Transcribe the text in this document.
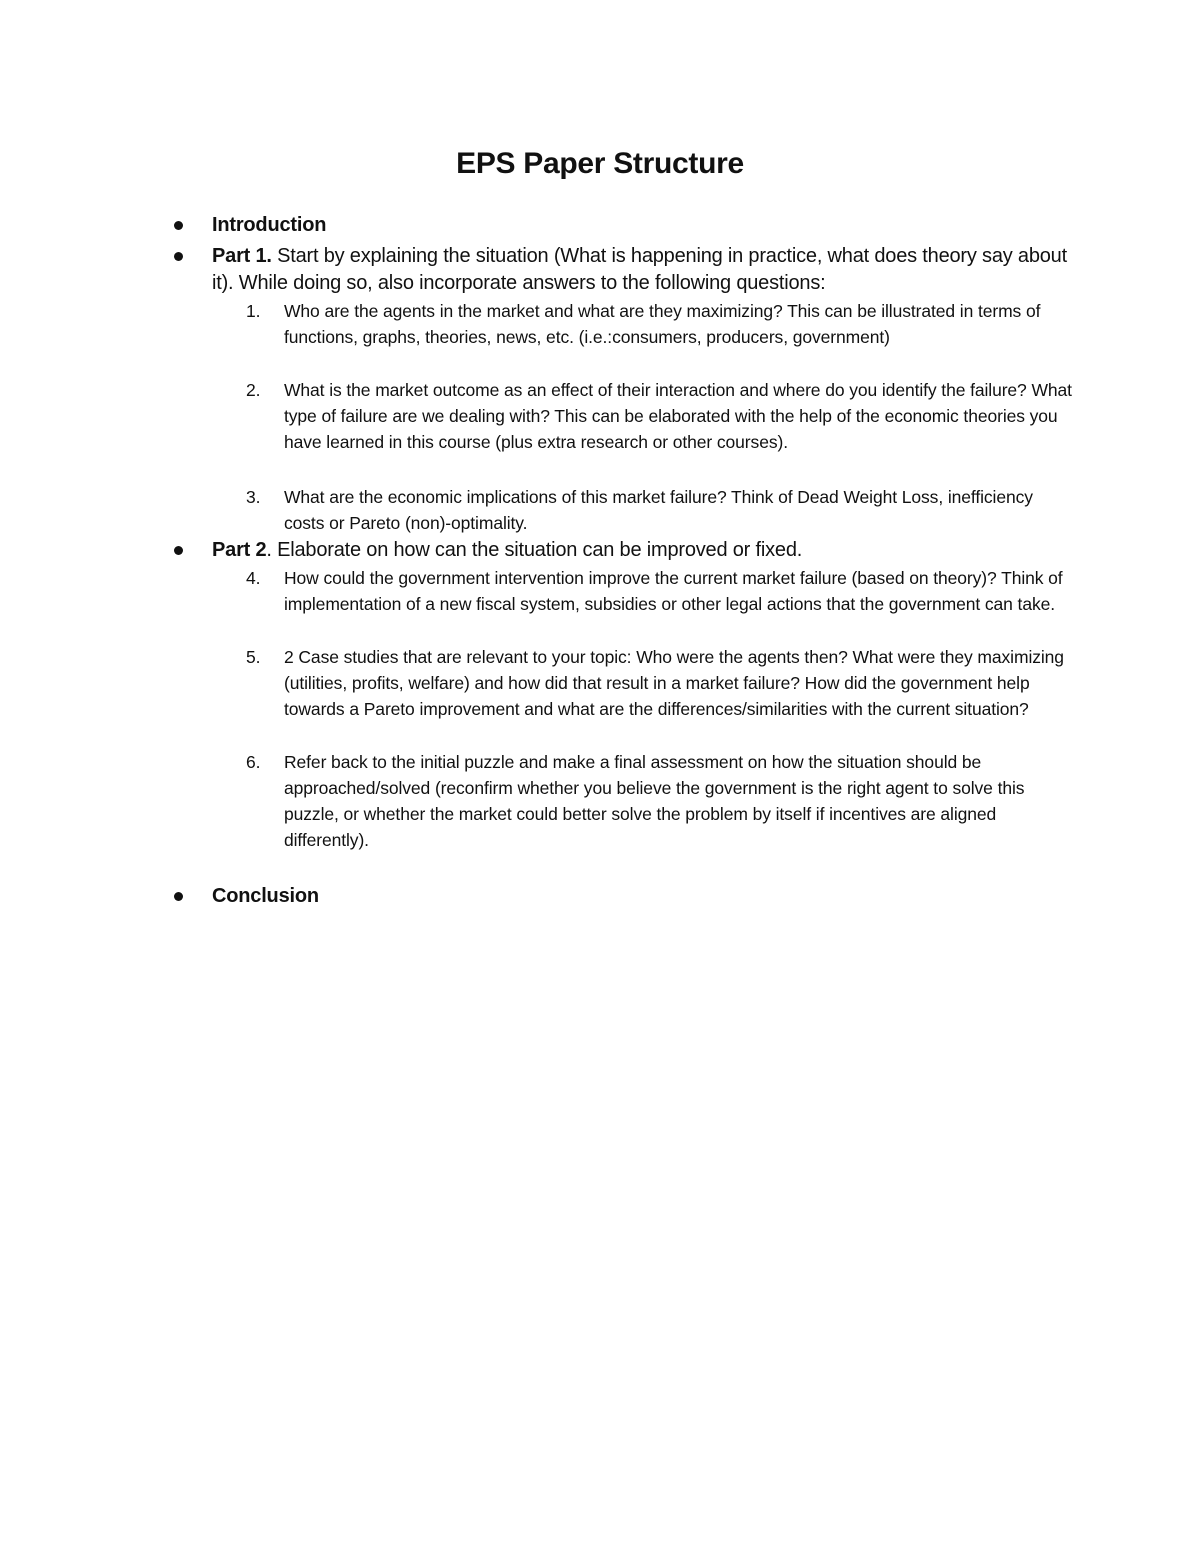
EPS Paper Structure
Introduction
Part 1. Start by explaining the situation (What is happening in practice, what does theory say about it). While doing so, also incorporate answers to the following questions:
1.	Who are the agents in the market and what are they maximizing? This can be illustrated in terms of functions, graphs, theories, news, etc. (i.e.:consumers, producers, government)
2.	What is the market outcome as an effect of their interaction and where do you identify the failure? What type of failure are we dealing with? This can be elaborated with the help of the economic theories you have learned in this course (plus extra research or other courses).
3.	What are the economic implications of this market failure? Think of Dead Weight Loss, inefficiency costs or Pareto (non)-optimality.
Part 2. Elaborate on how can the situation can be improved or fixed.
4.	How could the government intervention improve the current market failure (based on theory)? Think of implementation of a new fiscal system, subsidies or other legal actions that the government can take.
5.	2 Case studies that are relevant to your topic: Who were the agents then? What were they maximizing (utilities, profits, welfare) and how did that result in a market failure? How did the government help towards a Pareto improvement and what are the differences/similarities with the current situation?
6.	Refer back to the initial puzzle and make a final assessment on how the situation should be approached/solved (reconfirm whether you believe the government is the right agent to solve this puzzle, or whether the market could better solve the problem by itself if incentives are aligned differently).
Conclusion
